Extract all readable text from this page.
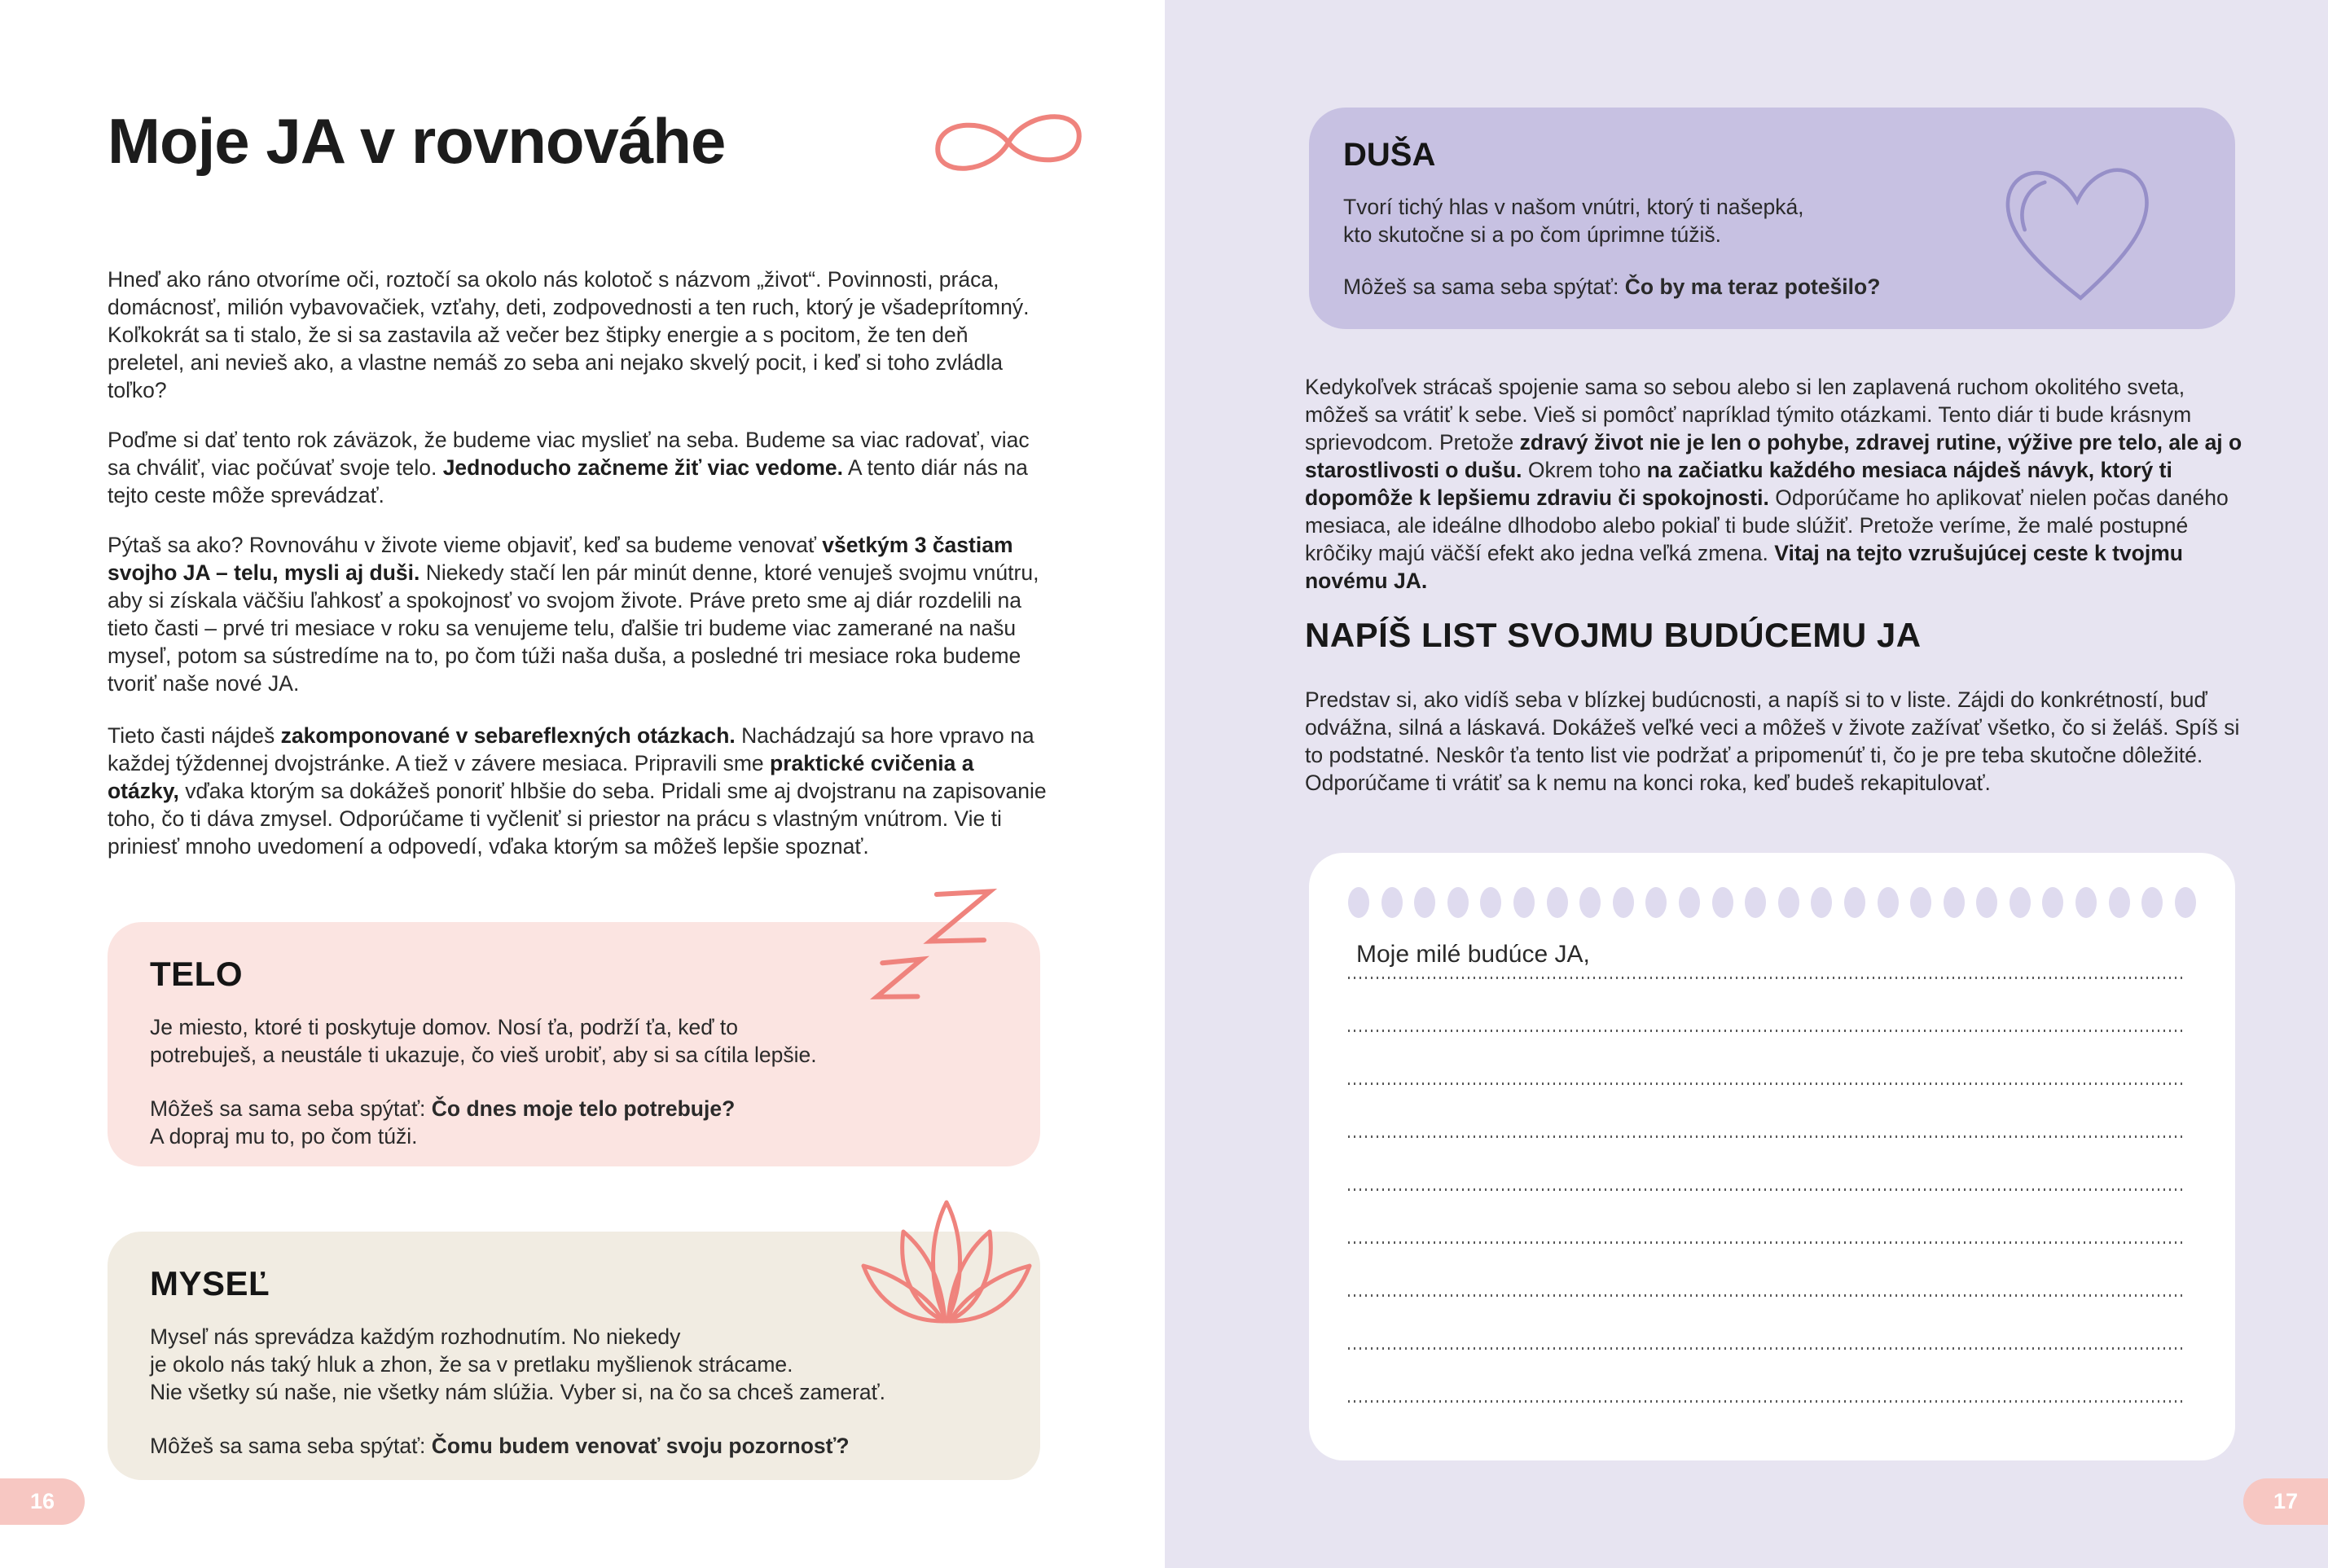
Moje JA v rovnováhe

Hneď ako ráno otvoríme oči, roztočí sa okolo nás kolotoč s názvom „život“. Povinnosti, práca, domácnosť, milión vybavovačiek, vzťahy, deti, zodpovednosti a ten ruch, ktorý je všadeprítomný. Koľkokrát sa ti stalo, že si sa zastavila až večer bez štipky energie a s pocitom, že ten deň preletel, ani nevieš ako, a vlastne nemáš zo seba ani nejako skvelý pocit, i keď si toho zvládla toľko?

Poďme si dať tento rok záväzok, že budeme viac myslieť na seba. Budeme sa viac radovať, viac sa chváliť, viac počúvať svoje telo. Jednoducho začneme žiť viac vedome. A tento diár nás na tejto ceste môže sprevádzať.

Pýtaš sa ako? Rovnováhu v živote vieme objaviť, keď sa budeme venovať všetkým 3 častiam svojho JA – telu, mysli aj duši. Niekedy stačí len pár minút denne, ktoré venuješ svojmu vnútru, aby si získala väčšiu ľahkosť a spokojnosť vo svojom živote. Práve preto sme aj diár rozdelili na tieto časti – prvé tri mesiace v roku sa venujeme telu, ďalšie tri budeme viac zamerané na našu myseľ, potom sa sústredíme na to, po čom túži naša duša, a posledné tri mesiace roka budeme tvoriť naše nové JA.

Tieto časti nájdeš zakomponované v sebareflexných otázkach. Nachádzajú sa hore vpravo na každej týždennej dvojstránke. A tiež v závere mesiaca. Pripravili sme praktické cvičenia a otázky, vďaka ktorým sa dokážeš ponoriť hlbšie do seba. Pridali sme aj dvojstranu na zapisovanie toho, čo ti dáva zmysel. Odporúčame ti vyčleniť si priestor na prácu s vlastným vnútrom. Vie ti priniesť mnoho uvedomení a odpovedí, vďaka ktorým sa môžeš lepšie spoznať.

TELO

Je miesto, ktoré ti poskytuje domov. Nosí ťa, podrží ťa, keď to
potrebuješ, a neustále ti ukazuje, čo vieš urobiť, aby si sa cítila lepšie.

Môžeš sa sama seba spýtať: Čo dnes moje telo potrebuje?
A dopraj mu to, po čom túži.

MYSEĽ

Myseľ nás sprevádza každým rozhodnutím. No niekedy
je okolo nás taký hluk a zhon, že sa v pretlaku myšlienok strácame.
Nie všetky sú naše, nie všetky nám slúžia. Vyber si, na čo sa chceš zamerať.

Môžeš sa sama seba spýtať: Čomu budem venovať svoju pozornosť?

16
DUŠA

Tvorí tichý hlas v našom vnútri, ktorý ti našepká,
kto skutočne si a po čom úprimne túžiš.

Môžeš sa sama seba spýtať: Čo by ma teraz potešilo?

Kedykoľvek strácaš spojenie sama so sebou alebo si len zaplavená ruchom okolitého sveta, môžeš sa vrátiť k sebe. Vieš si pomôcť napríklad týmito otázkami. Tento diár ti bude krásnym sprievodcom. Pretože zdravý život nie je len o pohybe, zdravej rutine, výžive pre telo, ale aj o starostlivosti o dušu. Okrem toho na začiatku každého mesiaca nájdeš návyk, ktorý ti dopomôže k lepšiemu zdraviu či spokojnosti. Odporúčame ho aplikovať nielen počas daného mesiaca, ale ideálne dlhodobo alebo pokiaľ ti bude slúžiť. Pretože veríme, že malé postupné krôčiky majú väčší efekt ako jedna veľká zmena. Vitaj na tejto vzrušujúcej ceste k tvojmu novému JA.

NAPÍŠ LIST SVOJMU BUDÚCEMU JA

Predstav si, ako vidíš seba v blízkej budúcnosti, a napíš si to v liste. Zájdi do konkrétností, buď odvážna, silná a láskavá. Dokážeš veľké veci a môžeš v živote zažívať všetko, čo si želáš. Spíš si to podstatné. Neskôr ťa tento list vie podržať a pripomenúť ti, čo je pre teba skutočne dôležité. Odporúčame ti vrátiť sa k nemu na konci roka, keď budeš rekapitulovať.

Moje milé budúce JA,

17
